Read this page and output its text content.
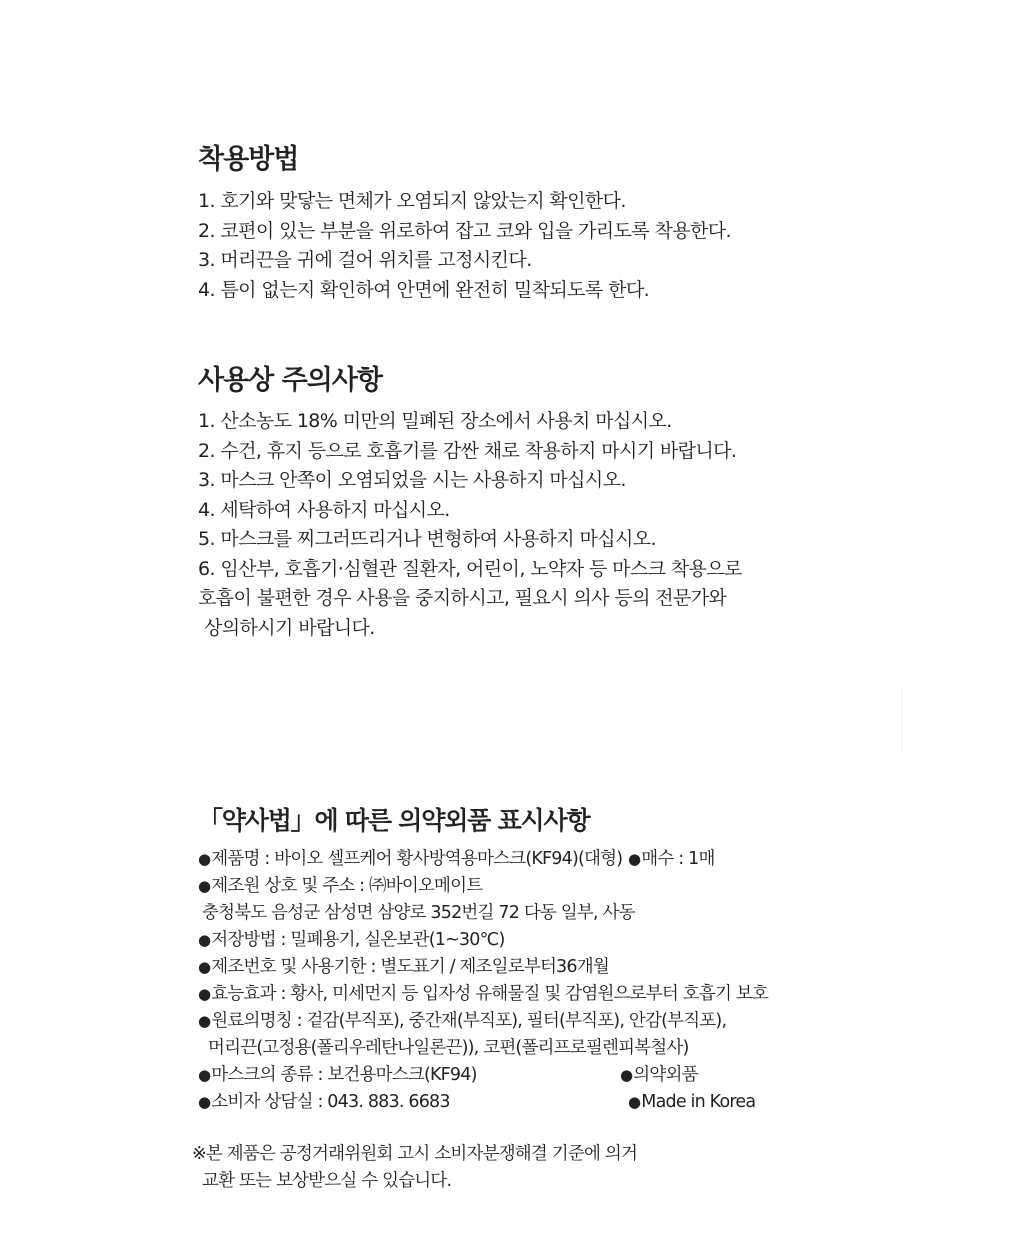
착용방법
1. 호기와 맞닿는 면체가 오염되지 않았는지 확인한다.
2. 코편이 있는 부분을 위로하여 잡고 코와 입을 가리도록 착용한다.
3. 머리끈을 귀에 걸어 위치를 고정시킨다.
4. 틈이 없는지 확인하여 안면에 완전히 밀착되도록 한다.
사용상 주의사항
1. 산소농도 18% 미만의 밀폐된 장소에서 사용치 마십시오.
2. 수건, 휴지 등으로 호흡기를 감싼 채로 착용하지 마시기 바랍니다.
3. 마스크 안쪽이 오염되었을 시는 사용하지 마십시오.
4. 세탁하여 사용하지 마십시오.
5. 마스크를 찌그러뜨리거나 변형하여 사용하지 마십시오.
6. 임산부, 호흡기·심혈관 질환자, 어린이, 노약자 등 마스크 착용으로
호흡이 불편한 경우 사용을 중지하시고, 필요시 의사 등의 전문가와
상의하시기 바랍니다.
「약사법」에 따른 의약외품 표시사항
●제품명 : 바이오 셀프케어 황사방역용마스크(KF94)(대형) ●매수 : 1매
●제조원 상호 및 주소 : ㈜바이오메이트
충청북도 음성군 삼성면 삼양로 352번길 72 다동 일부, 사동
●저장방법 : 밀폐용기, 실온보관(1~30℃)
●제조번호 및 사용기한 : 별도표기 / 제조일로부터36개월
●효능효과 : 황사, 미세먼지 등 입자성 유해물질 및 감염원으로부터 호흡기 보호
●원료의명칭 : 겉감(부직포), 중간재(부직포), 필터(부직포), 안감(부직포),
머리끈(고정용(폴리우레탄나일론끈)), 코편(폴리프로필렌피복철사)
●마스크의 종류 : 보건용마스크(KF94)	●의약외품
●소비자 상담실 : 043. 883. 6683	●Made in Korea

※본 제품은 공정거래위원회 고시 소비자분쟁해결 기준에 의거

교환 또는 보상받으실 수 있습니다.
